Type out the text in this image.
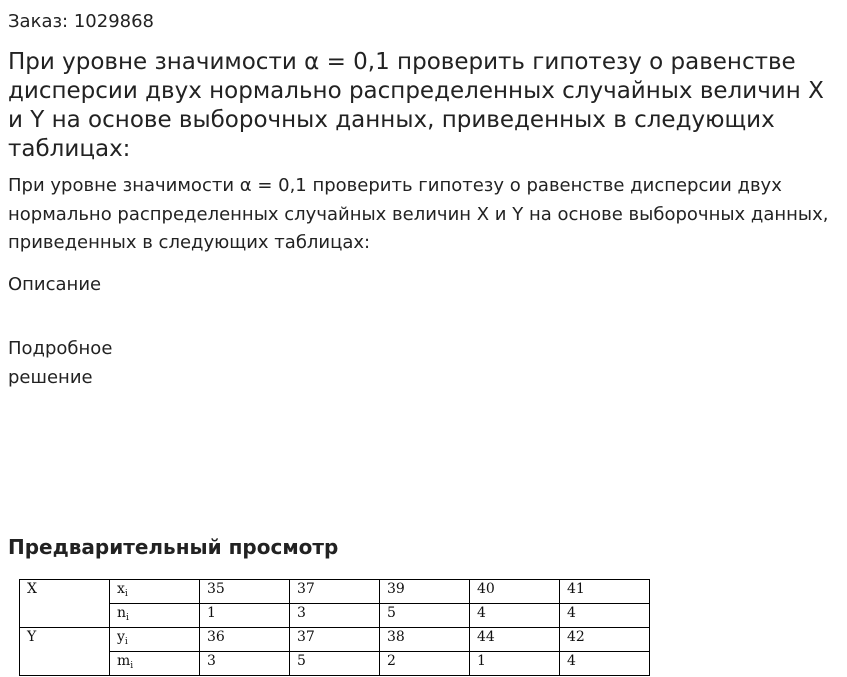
Заказ: 1029868
При уровне значимости α = 0,1 проверить гипотезу о равенстве дисперсии двух нормально распределенных случайных величин X и Y на основе выборочных данных, приведенных в следующих таблицах:

При уровне значимости α = 0,1 проверить гипотезу о равенстве дисперсии двух нормально распределенных случайных величин X и Y на основе выборочных данных, приведенных в следующих таблицах:

Описание
Подробное решение
Предварительный просмотр
X	$x_i$	35	37	39	40	41
	$n_i$	1	3	5	4	4
Y	$y_i$	36	37	38	44	42
	$m_i$	3	5	2	1	4
